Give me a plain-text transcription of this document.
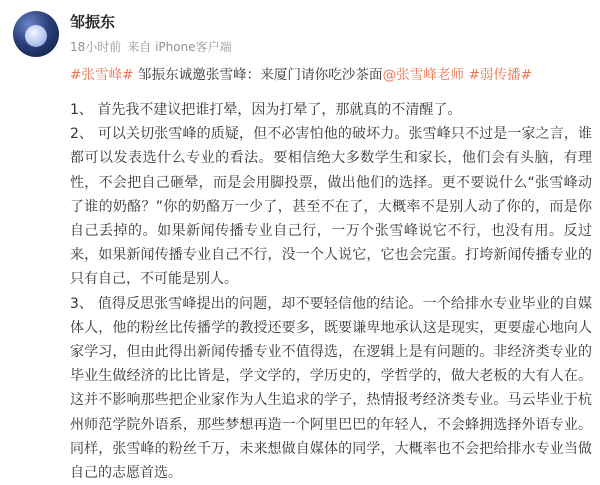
邹振东
18小时前 来自 iPhone客户端
#张雪峰# 邹振东诚邀张雪峰：来厦门请你吃沙茶面@张雪峰老师 #弱传播#

1、 首先我不建议把谁打晕，因为打晕了，那就真的不清醒了。

2、 可以关切张雪峰的质疑，但不必害怕他的破坏力。张雪峰只不过是一家之言，谁都可以发表选什么专业的看法。要相信绝大多数学生和家长，他们会有头脑，有理性，不会把自己砸晕，而是会用脚投票，做出他们的选择。更不要说什么“张雪峰动了谁的奶酪？”你的奶酪万一少了，甚至不在了，大概率不是别人动了你的，而是你自己丢掉的。如果新闻传播专业自己行，一万个张雪峰说它不行，也没有用。反过来，如果新闻传播专业自己不行，没一个人说它，它也会完蛋。打垮新闻传播专业的只有自己，不可能是别人。

3、 值得反思张雪峰提出的问题，却不要轻信他的结论。一个给排水专业毕业的自媒体人，他的粉丝比传播学的教授还要多，既要谦卑地承认这是现实，更要虚心地向人家学习，但由此得出新闻传播专业不值得选，在逻辑上是有问题的。非经济类专业的毕业生做经济的比比皆是，学文学的，学历史的，学哲学的，做大老板的大有人在。这并不影响那些把企业家作为人生追求的学子，热情报考经济类专业。马云毕业于杭州师范学院外语系，那些梦想再造一个阿里巴巴的年轻人，不会蜂拥选择外语专业。同样，张雪峰的粉丝千万，未来想做自媒体的同学，大概率也不会把给排水专业当做自己的志愿首选。
